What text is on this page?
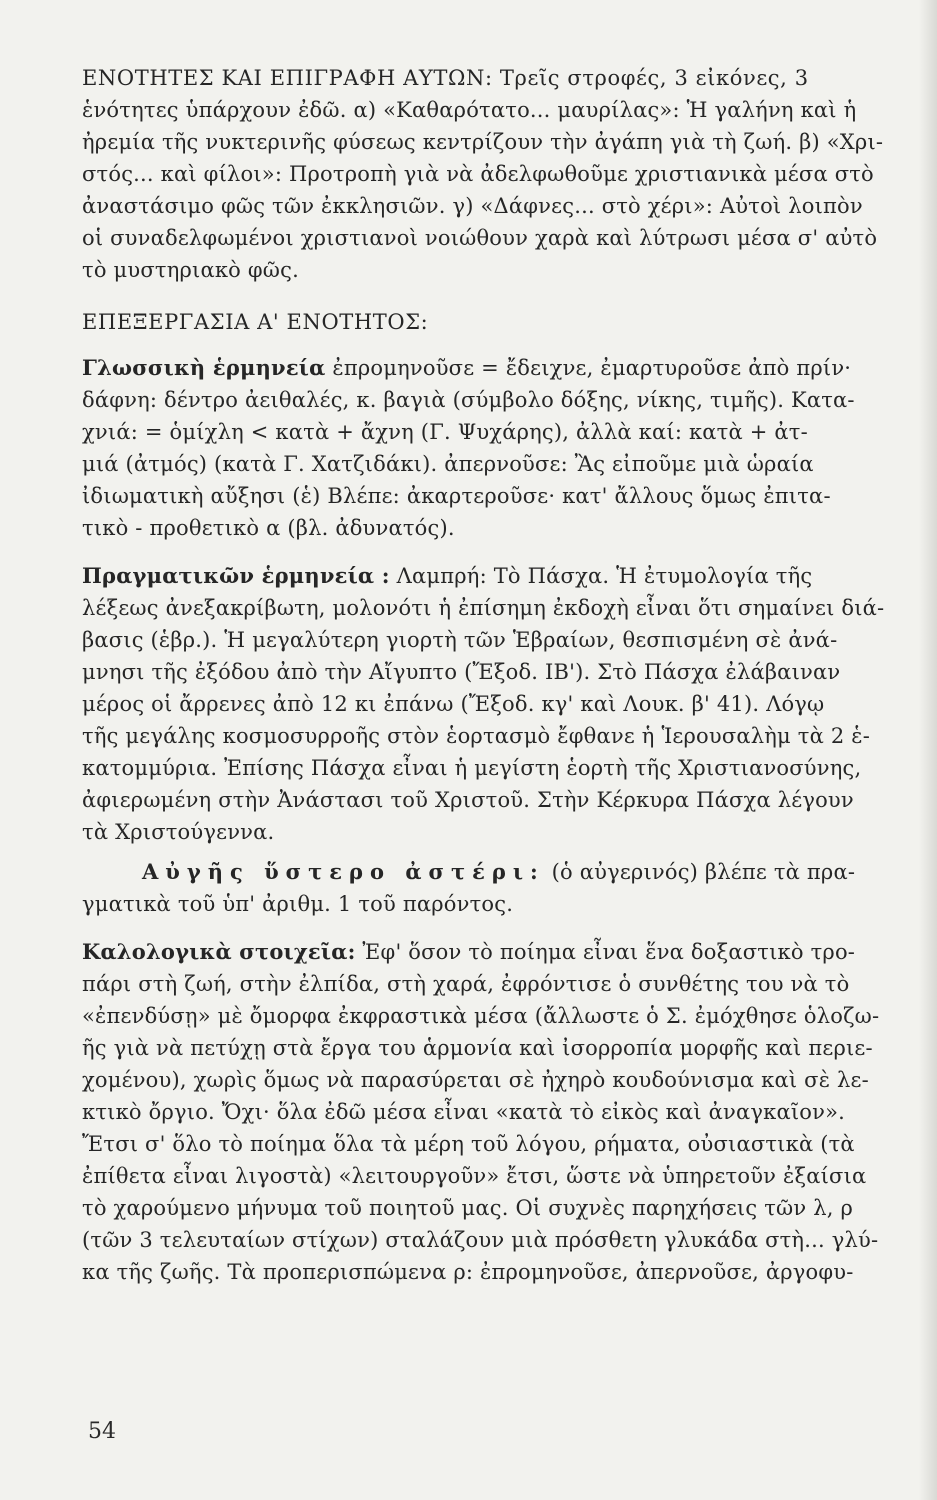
ΕΝΟΤΗΤΕΣ ΚΑΙ ΕΠΙΓΡΑΦΗ ΑΥΤΩΝ: Τρεῖς στροφές, 3 εἰκόνες, 3
ἑνότητες ὑπάρχουν ἐδῶ. α) «Καθαρότατο... μαυρίλας»: Ἡ γαλήνη καὶ ἡ
ἠρεμία τῆς νυκτερινῆς φύσεως κεντρίζουν τὴν ἀγάπη γιὰ τὴ ζωή. β) «Χρι-
στός... καὶ φίλοι»: Προτροπὴ γιὰ νὰ ἀδελφωθοῦμε χριστιανικὰ μέσα στὸ
ἀναστάσιμο φῶς τῶν ἐκκλησιῶν. γ) «Δάφνες... στὸ χέρι»: Αὐτοὶ λοιπὸν
οἱ συναδελφωμένοι χριστιανοὶ νοιώθουν χαρὰ καὶ λύτρωσι μέσα σ' αὐτὸ
τὸ μυστηριακὸ φῶς.
ΕΠΕΞΕΡΓΑΣΙΑ Α' ΕΝΟΤΗΤΟΣ:
Γλωσσικὴ ἑρμηνεία ἐπρομηνοῦσε = ἔδειχνε, ἐμαρτυροῦσε ἀπὸ πρίν·
δάφνη: δέντρο ἀειθαλές, κ. βαγιὰ (σύμβολο δόξης, νίκης, τιμῆς). Κατα-
χνιά: = ὁμίχλη < κατὰ + ἄχνη (Γ. Ψυχάρης), ἀλλὰ καί: κατὰ + ἀτ-
μιά (ἀτμός) (κατὰ Γ. Χατζιδάκι). ἀπερνοῦσε: Ἂς εἰποῦμε μιὰ ὡραία
ἰδιωματικὴ αὔξησι (ἑ) Βλέπε: ἀκαρτεροῦσε· κατ' ἄλλους ὅμως ἐπιτα-
τικὸ - προθετικὸ α (βλ. ἀδυνατός).
Πραγματικῶν ἑρμηνεία : Λαμπρή: Τὸ Πάσχα. Ἡ ἐτυμολογία τῆς
λέξεως ἀνεξακρίβωτη, μολονότι ἡ ἐπίσημη ἐκδοχὴ εἶναι ὅτι σημαίνει διά-
βασις (ἑβρ.). Ἡ μεγαλύτερη γιορτὴ τῶν Ἑβραίων, θεσπισμένη σὲ ἀνά-
μνησι τῆς ἐξόδου ἀπὸ τὴν Αἴγυπτο (Ἔξοδ. ΙΒ'). Στὸ Πάσχα ἐλάβαιναν
μέρος οἱ ἄρρενες ἀπὸ 12 κι ἐπάνω (Ἔξοδ. κγ' καὶ Λουκ. β' 41). Λόγῳ
τῆς μεγάλης κοσμοσυρροῆς στὸν ἑορτασμὸ ἔφθανε ἡ Ἱερουσαλὴμ τὰ 2 ἑ-
κατομμύρια. Ἐπίσης Πάσχα εἶναι ἡ μεγίστη ἑορτὴ τῆς Χριστιανοσύνης,
ἀφιερωμένη στὴν Ἀνάστασι τοῦ Χριστοῦ. Στὴν Κέρκυρα Πάσχα λέγουν
τὰ Χριστούγεννα.
Αὐγῆς ὕστερο ἀστέρι: (ὁ αὐγερινός) βλέπε τὰ πρα-
γματικὰ τοῦ ὑπ' ἀριθμ. 1 τοῦ παρόντος.
Καλολογικὰ στοιχεῖα: Ἐφ' ὅσον τὸ ποίημα εἶναι ἕνα δοξαστικὸ τρο-
πάρι στὴ ζωή, στὴν ἐλπίδα, στὴ χαρά, ἐφρόντισε ὁ συνθέτης του νὰ τὸ
«ἐπενδύσῃ» μὲ ὄμορφα ἐκφραστικὰ μέσα (ἄλλωστε ὁ Σ. ἐμόχθησε ὁλοζω-
ῆς γιὰ νὰ πετύχῃ στὰ ἔργα του ἁρμονία καὶ ἰσορροπία μορφῆς καὶ περιε-
χομένου), χωρὶς ὅμως νὰ παρασύρεται σὲ ἠχηρὸ κουδούνισμα καὶ σὲ λε-
κτικὸ ὄργιο. Ὄχι· ὅλα ἐδῶ μέσα εἶναι «κατὰ τὸ εἰκὸς καὶ ἀναγκαῖον».
Ἔτσι σ' ὅλο τὸ ποίημα ὅλα τὰ μέρη τοῦ λόγου, ρήματα, οὐσιαστικὰ (τὰ
ἐπίθετα εἶναι λιγοστὰ) «λειτουργοῦν» ἔτσι, ὥστε νὰ ὑπηρετοῦν ἐξαίσια
τὸ χαρούμενο μήνυμα τοῦ ποιητοῦ μας. Οἱ συχνὲς παρηχήσεις τῶν λ, ρ
(τῶν 3 τελευταίων στίχων) σταλάζουν μιὰ πρόσθετη γλυκάδα στὴ... γλύ-
κα τῆς ζωῆς. Τὰ προπερισπώμενα ρ: ἐπρομηνοῦσε, ἀπερνοῦσε, ἀργοφυ-
54
